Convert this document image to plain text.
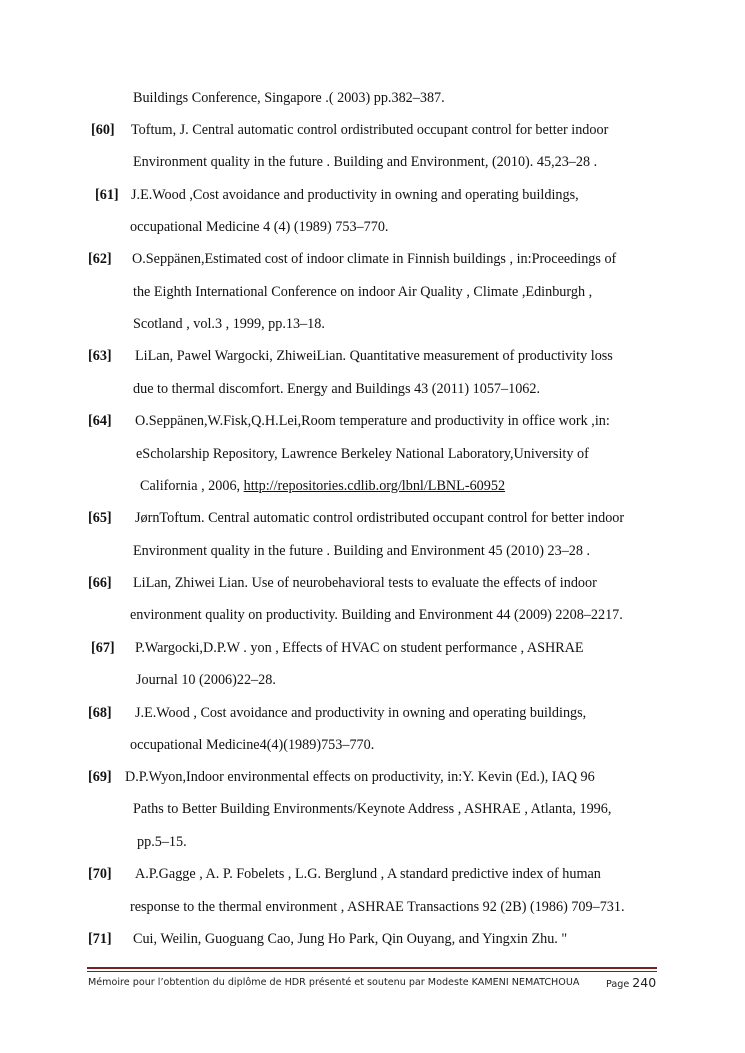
Buildings Conference, Singapore .( 2003) pp.382–387.
[60] Toftum, J. Central automatic control ordistributed occupant control for better indoor
Environment quality in the future . Building and Environment, (2010). 45,23–28 .
[61] J.E.Wood ,Cost avoidance and productivity in owning and operating buildings,
occupational Medicine 4 (4) (1989) 753–770.
[62] O.Seppänen,Estimated cost of indoor climate in Finnish buildings , in:Proceedings of
the Eighth International Conference on indoor Air Quality , Climate ,Edinburgh ,
Scotland , vol.3 , 1999, pp.13–18.
[63] LiLan, Pawel Wargocki, ZhiweiLian. Quantitative measurement of productivity loss
due to thermal discomfort. Energy and Buildings 43 (2011) 1057–1062.
[64] O.Seppänen,W.Fisk,Q.H.Lei,Room temperature and productivity in office work ,in:
eScholarship Repository, Lawrence Berkeley National Laboratory,University of
California , 2006, http://repositories.cdlib.org/lbnl/LBNL-60952
[65] JørnToftum. Central automatic control ordistributed occupant control for better indoor
Environment quality in the future . Building and Environment 45 (2010) 23–28 .
[66] LiLan, Zhiwei Lian. Use of neurobehavioral tests to evaluate the effects of indoor
environment quality on productivity. Building and Environment 44 (2009) 2208–2217.
[67] P.Wargocki,D.P.W . yon , Effects of HVAC on student performance , ASHRAE
Journal 10 (2006)22–28.
[68] J.E.Wood , Cost avoidance and productivity in owning and operating buildings,
occupational Medicine4(4)(1989)753–770.
[69] D.P.Wyon,Indoor environmental effects on productivity, in:Y. Kevin (Ed.), IAQ 96
Paths to Better Building Environments/Keynote Address , ASHRAE , Atlanta, 1996,
pp.5–15.
[70] A.P.Gagge , A. P. Fobelets , L.G. Berglund , A standard predictive index of human
response to the thermal environment , ASHRAE Transactions 92 (2B) (1986) 709–731.
[71] Cui, Weilin, Guoguang Cao, Jung Ho Park, Qin Ouyang, and Yingxin Zhu. "
Mémoire pour l’obtention du diplôme de HDR présenté et soutenu par Modeste KAMENI NEMATCHOUA	Page 240
